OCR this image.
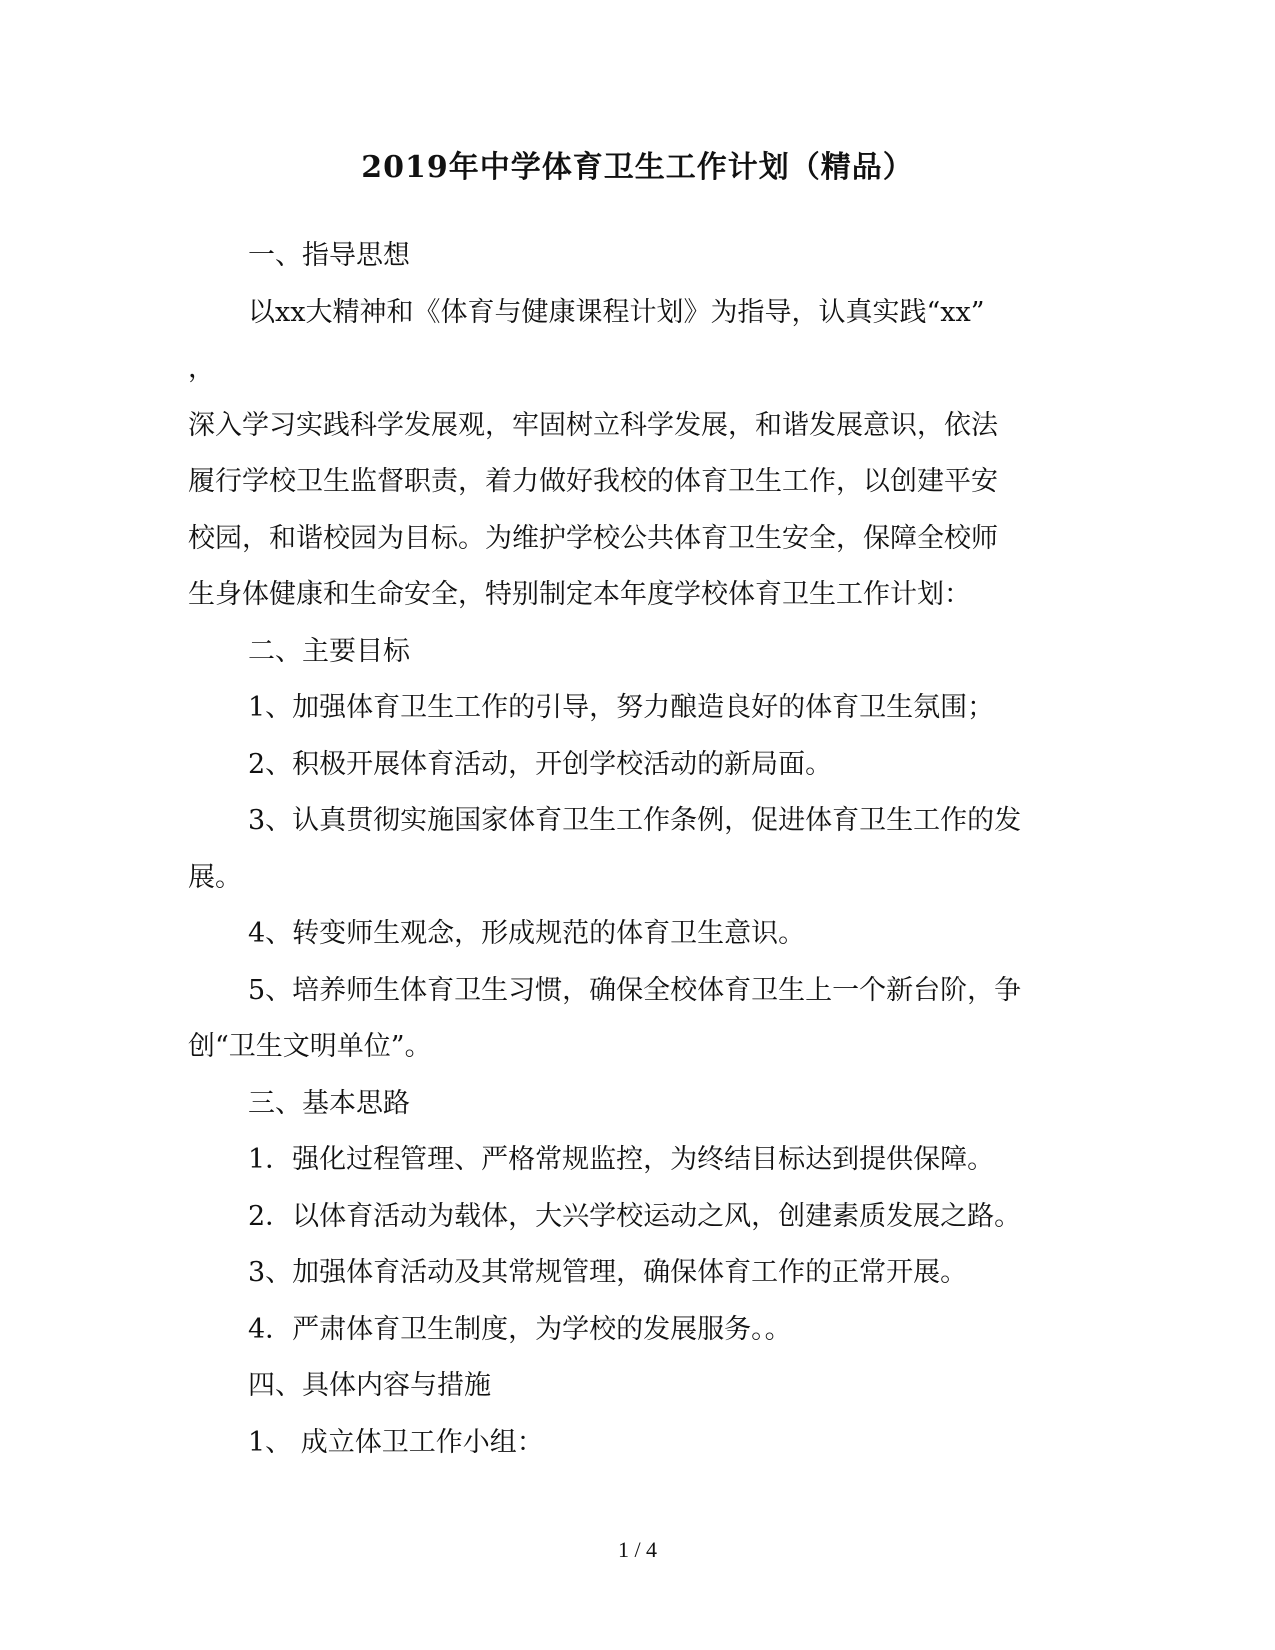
2019年中学体育卫生工作计划（精品）

一、指导思想

以xx大精神和《体育与健康课程计划》为指导，认真实践“xx”

，

深入学习实践科学发展观，牢固树立科学发展，和谐发展意识，依法

履行学校卫生监督职责，着力做好我校的体育卫生工作，以创建平安

校园，和谐校园为目标。为维护学校公共体育卫生安全，保障全校师

生身体健康和生命安全，特别制定本年度学校体育卫生工作计划：

二、主要目标

1、加强体育卫生工作的引导，努力酿造良好的体育卫生氛围；

2、积极开展体育活动，开创学校活动的新局面。

3、认真贯彻实施国家体育卫生工作条例，促进体育卫生工作的发

展。

4、转变师生观念，形成规范的体育卫生意识。

5、培养师生体育卫生习惯，确保全校体育卫生上一个新台阶，争

创“卫生文明单位”。

三、基本思路

1．强化过程管理、严格常规监控，为终结目标达到提供保障。

2．以体育活动为载体，大兴学校运动之风，创建素质发展之路。

3、加强体育活动及其常规管理，确保体育工作的正常开展。

4．严肃体育卫生制度，为学校的发展服务。。

四、具体内容与措施

1、 成立体卫工作小组：

1 / 4
